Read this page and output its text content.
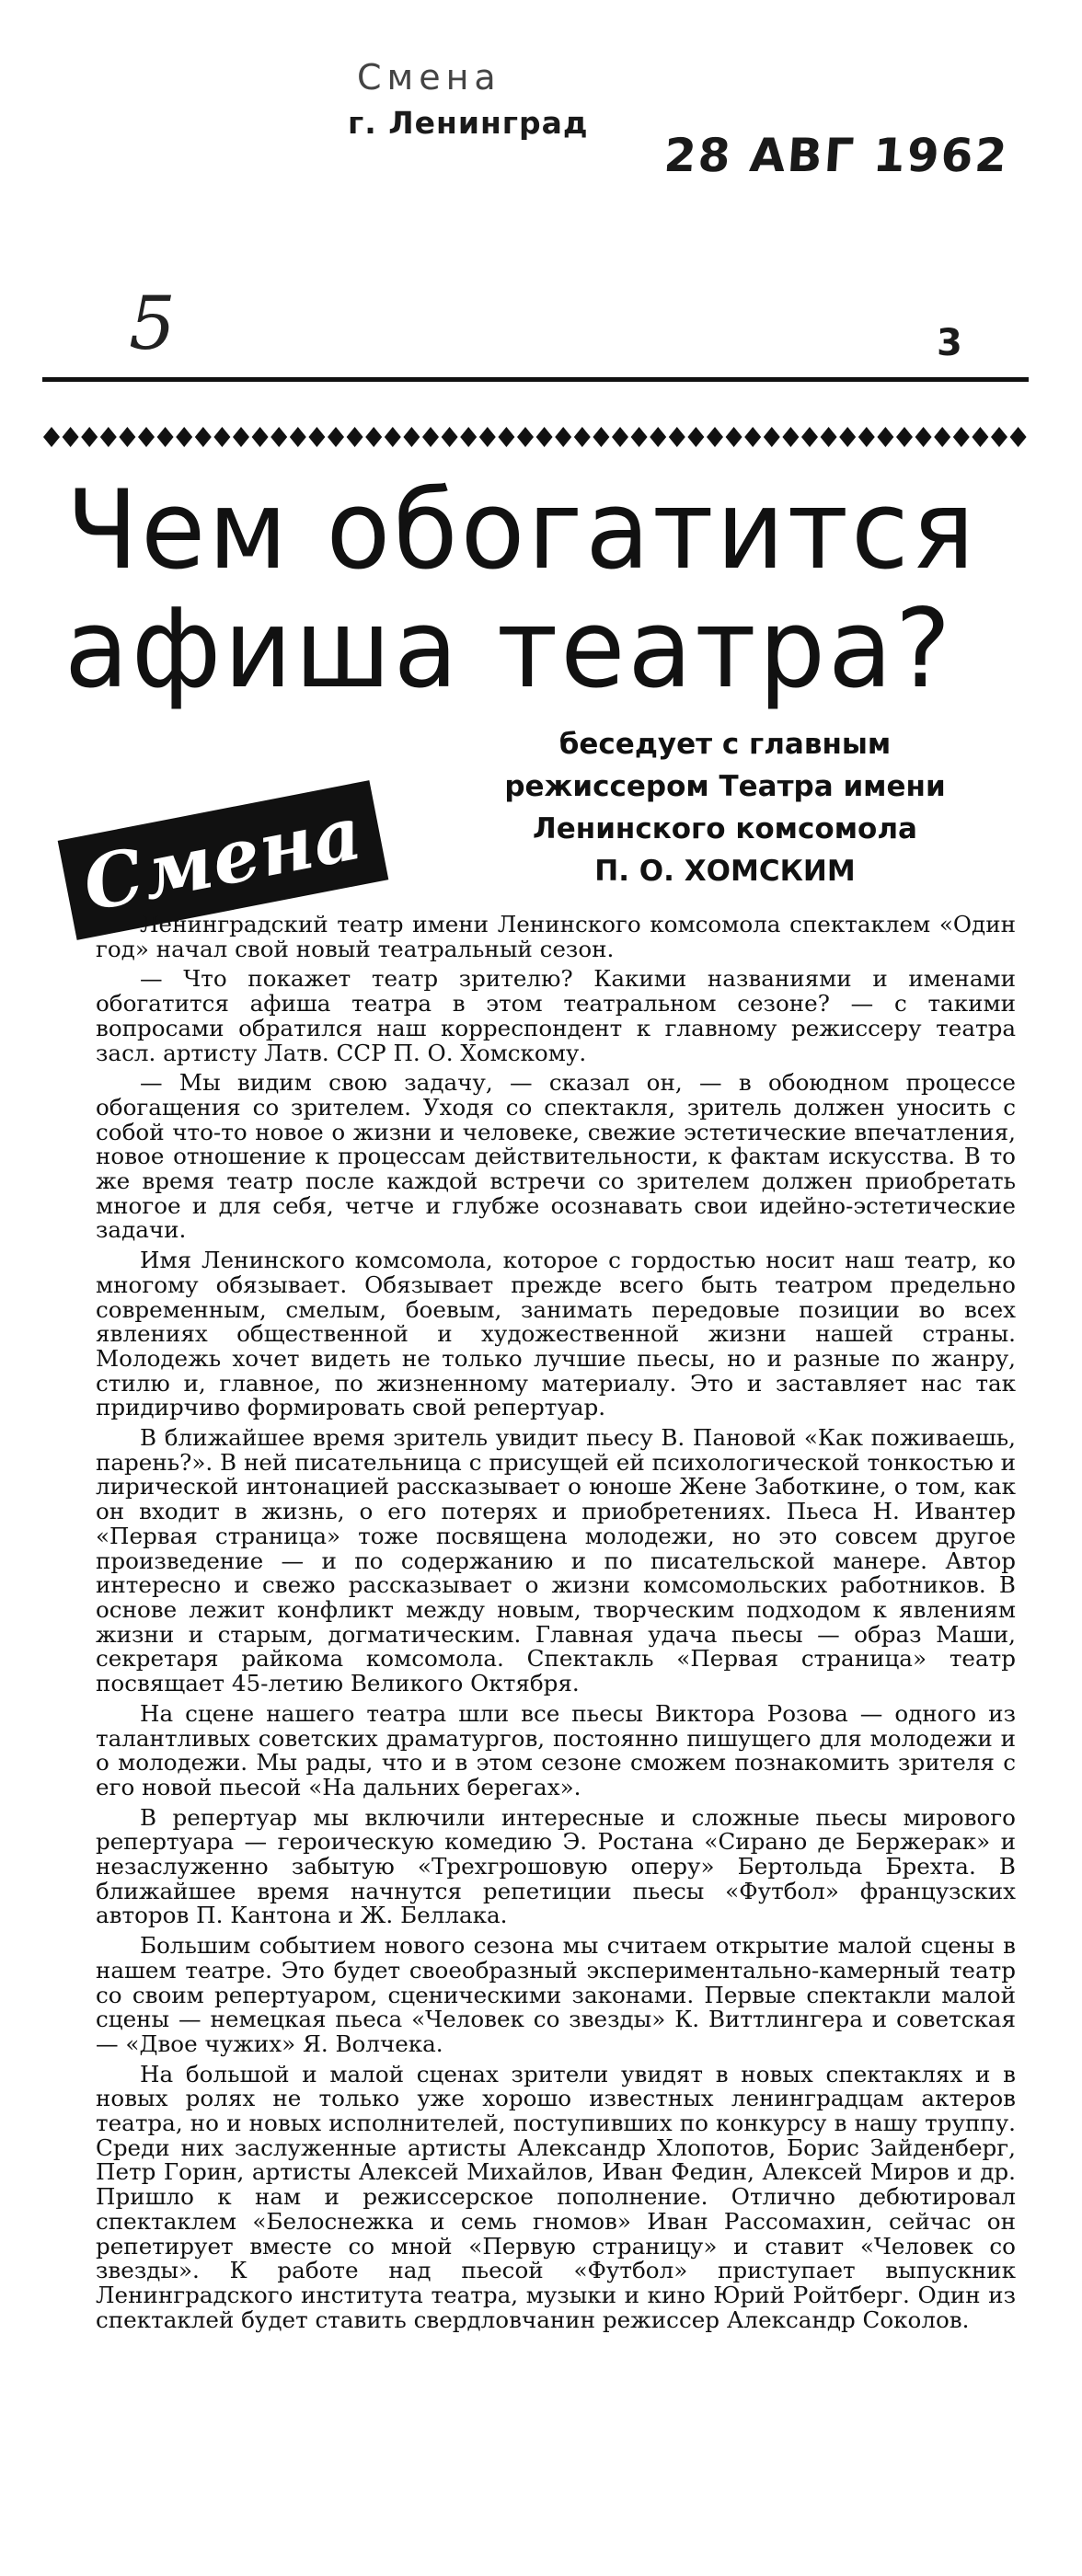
Смена
г. Ленинград
28 АВГ 1962
5	3
Чем обогатится
афиша театра?
Смена
беседует с главным
режиссером Театра имени
Ленинского комсомола
П. О. ХОМСКИМ

Ленинградский театр имени Ленинского комсомола спектаклем «Один год» начал свой новый театральный сезон.

— Что покажет театр зрителю? Какими названиями и именами обогатится афиша театра в этом театральном сезоне? — с такими вопросами обратился наш корреспондент к главному режиссеру театра засл. артисту Латв. ССР П. О. Хомскому.

— Мы видим свою задачу, — сказал он, — в обоюдном процессе обогащения со зрителем. Уходя со спектакля, зритель должен уносить с собой что-то новое о жизни и человеке, свежие эстетические впечатления, новое отношение к процессам действительности, к фактам искусства. В то же время театр после каждой встречи со зрителем должен приобретать многое и для себя, четче и глубже осознавать свои идейно-эстетические задачи.

Имя Ленинского комсомола, которое с гордостью носит наш театр, ко многому обязывает. Обязывает прежде всего быть театром предельно современным, смелым, боевым, занимать передовые позиции во всех явлениях общественной и художественной жизни нашей страны. Молодежь хочет видеть не только лучшие пьесы, но и разные по жанру, стилю и, главное, по жизненному материалу. Это и заставляет нас так придирчиво формировать свой репертуар.

В ближайшее время зритель увидит пьесу В. Пановой «Как поживаешь, парень?». В ней писательница с присущей ей психологической тонкостью и лирической интонацией рассказывает о юноше Жене Заботкине, о том, как он входит в жизнь, о его потерях и приобретениях. Пьеса Н. Ивантер «Первая страница» тоже посвящена молодежи, но это совсем другое произведение — и по содержанию и по писательской манере. Автор интересно и свежо рассказывает о жизни комсомольских работников. В основе лежит конфликт между новым, творческим подходом к явлениям жизни и старым, догматическим. Главная удача пьесы — образ Маши, секретаря райкома комсомола. Спектакль «Первая страница» театр посвящает 45-летию Великого Октября.

На сцене нашего театра шли все пьесы Виктора Розова — одного из талантливых советских драматургов, постоянно пишущего для молодежи и о молодежи. Мы рады, что и в этом сезоне сможем познакомить зрителя с его новой пьесой «На дальних берегах».

В репертуар мы включили интересные и сложные пьесы мирового репертуара — героическую комедию Э. Ростана «Сирано де Бержерак» и незаслуженно забытую «Трехгрошовую оперу» Бертольда Брехта. В ближайшее время начнутся репетиции пьесы «Футбол» французских авторов П. Кантона и Ж. Беллака.

Большим событием нового сезона мы считаем открытие малой сцены в нашем театре. Это будет своеобразный экспериментально-камерный театр со своим репертуаром, сценическими законами. Первые спектакли малой сцены — немецкая пьеса «Человек со звезды» К. Виттлингера и советская — «Двое чужих» Я. Волчека.

На большой и малой сценах зрители увидят в новых спектаклях и в новых ролях не только уже хорошо известных ленинградцам актеров театра, но и новых исполнителей, поступивших по конкурсу в нашу труппу. Среди них заслуженные артисты Александр Хлопотов, Борис Зайденберг, Петр Горин, артисты Алексей Михайлов, Иван Федин, Алексей Миров и др. Пришло к нам и режиссерское пополнение. Отлично дебютировал спектаклем «Белоснежка и семь гномов» Иван Рассомахин, сейчас он репетирует вместе со мной «Первую страницу» и ставит «Человек со звезды». К работе над пьесой «Футбол» приступает выпускник Ленинградского института театра, музыки и кино Юрий Ройтберг. Один из спектаклей будет ставить свердловчанин режиссер Александр Соколов.
